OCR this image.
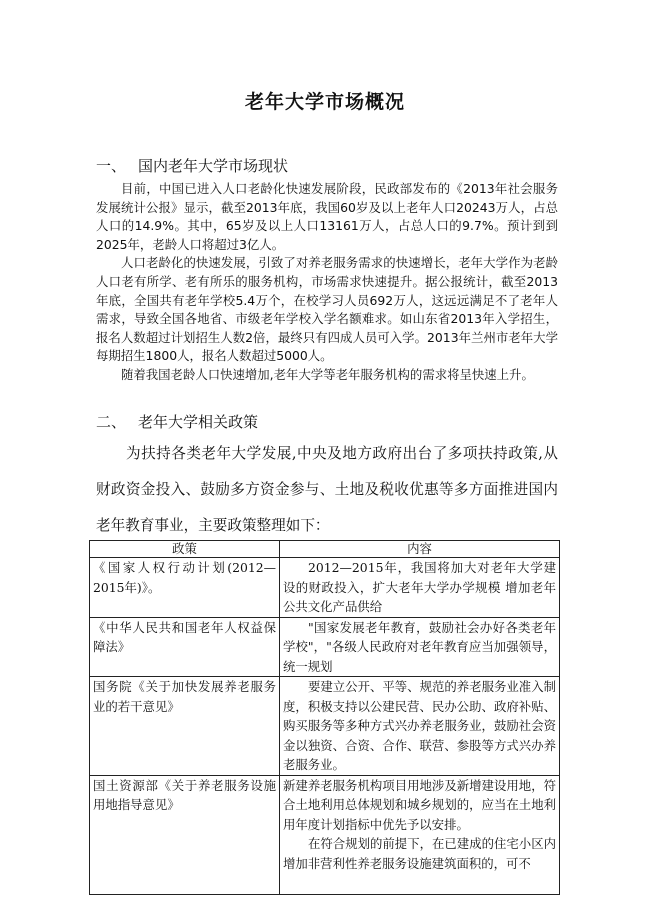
老年大学市场概况
一、 国内老年大学市场现状

目前，中国已进入人口老龄化快速发展阶段，民政部发布的《2013年社会服务发展统计公报》显示，截至2013年底，我国60岁及以上老年人口20243万人，占总人口的14.9%。其中，65岁及以上人口13161万人，占总人口的9.7%。预计到到2025年，老龄人口将超过3亿人。

人口老龄化的快速发展，引致了对养老服务需求的快速增长，老年大学作为老龄人口老有所学、老有所乐的服务机构，市场需求快速提升。据公报统计，截至2013年底，全国共有老年学校5.4万个，在校学习人员692万人，这远远满足不了老年人需求，导致全国各地省、市级老年学校入学名额难求。如山东省2013年入学招生，报名人数超过计划招生人数2倍，最终只有四成人员可入学。2013年兰州市老年大学每期招生1800人，报名人数超过5000人。

随着我国老龄人口快速增加,老年大学等老年服务机构的需求将呈快速上升。

二、 老年大学相关政策

为扶持各类老年大学发展,中央及地方政府出台了多项扶持政策,从财政资金投入、鼓励多方资金参与、土地及税收优惠等多方面推进国内老年教育事业，主要政策整理如下：

政策	内容
《国家人权行动计划(2012—2015年)》。	2012—2015年，我国将加大对老年大学建设的财政投入，扩大老年大学办学规模 增加老年公共文化产品供给

《中华人民共和国老年人权益保障法》	"国家发展老年教育，鼓励社会办好各类老年学校"，"各级人民政府对老年教育应当加强领导，统一规划

国务院《关于加快发展养老服务业的若干意见》	要建立公开、平等、规范的养老服务业准入制度，积极支持以公建民营、民办公助、政府补贴、购买服务等多种方式兴办养老服务业，鼓励社会资金以独资、合资、合作、联营、参股等方式兴办养老服务业。

国土资源部《关于养老服务设施用地指导意见》	新建养老服务机构项目用地涉及新增建设用地，符合土地利用总体规划和城乡规划的，应当在土地利用年度计划指标中优先予以安排。
在符合规划的前提下，在已建成的住宅小区内增加非营利性养老服务设施建筑面积的，可不
